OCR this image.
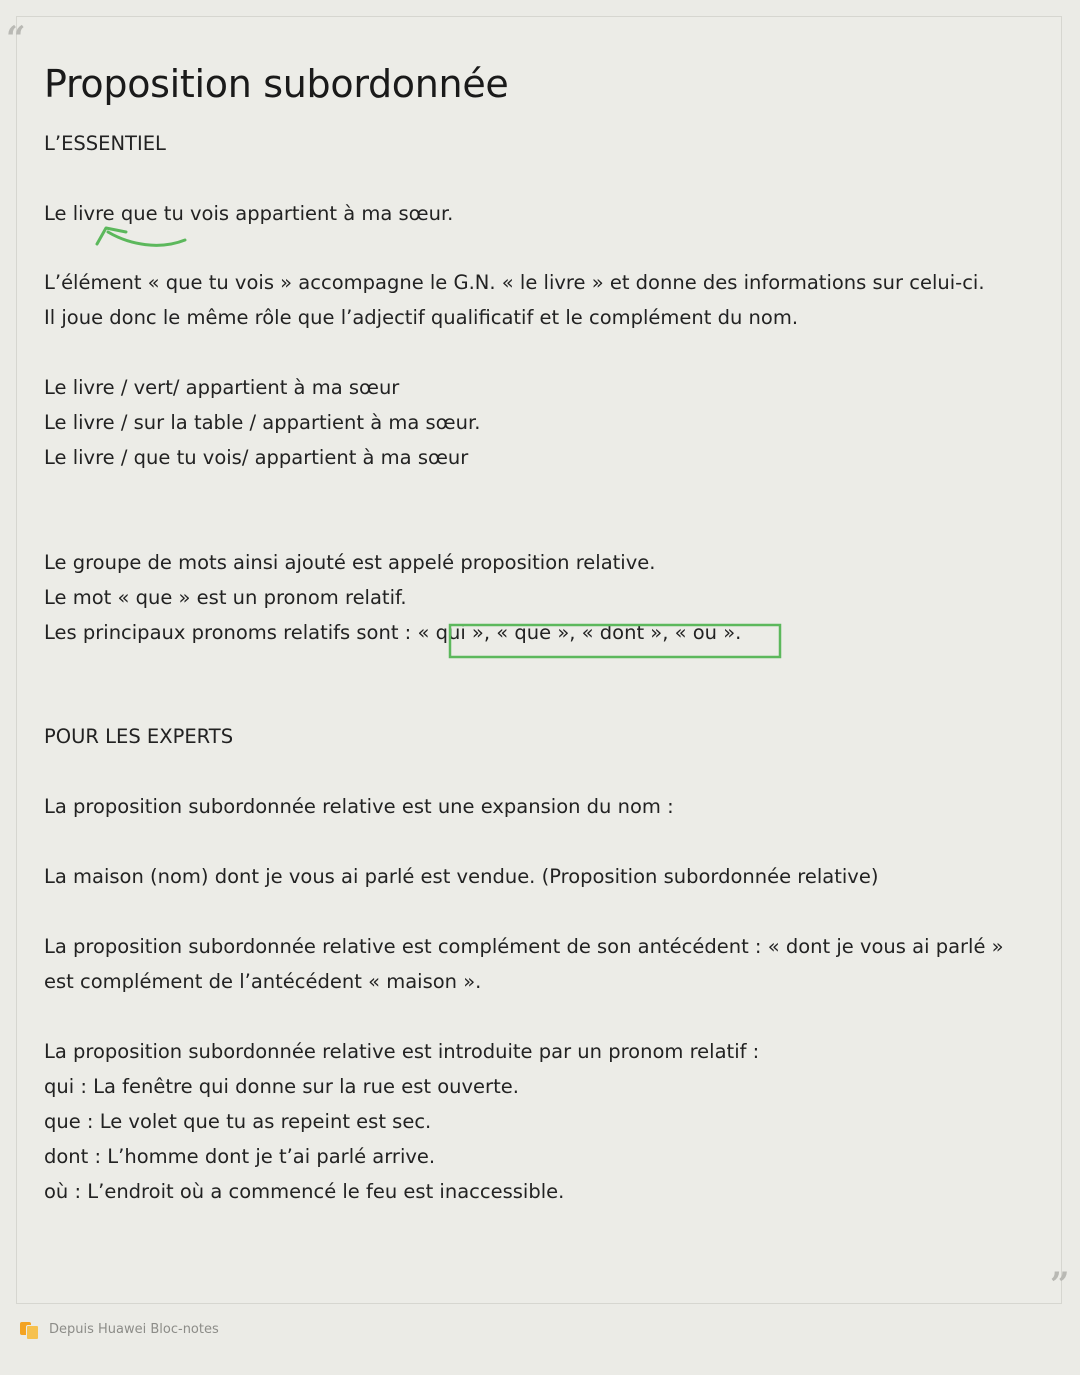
“
”
Proposition subordonnée
L’ESSENTIEL
Le livre que tu vois appartient à ma sœur.
L’élément « que tu vois » accompagne le G.N. « le livre » et donne des informations sur celui-ci.
Il joue donc le même rôle que l’adjectif qualificatif et le complément du nom.
Le livre / vert/ appartient à ma sœur
Le livre / sur la table / appartient à ma sœur.
Le livre / que tu vois/ appartient à ma sœur
Le groupe de mots ainsi ajouté est appelé proposition relative.
Le mot « que » est un pronom relatif.
Les principaux pronoms relatifs sont : « qui », « que », « dont », « ou ».
POUR LES EXPERTS
La proposition subordonnée relative est une expansion du nom :
La maison (nom) dont je vous ai parlé est vendue. (Proposition subordonnée relative)
La proposition subordonnée relative est complément de son antécédent : « dont je vous ai parlé » est complément de l’antécédent « maison ».
La proposition subordonnée relative est introduite par un pronom relatif :
qui : La fenêtre qui donne sur la rue est ouverte.
que : Le volet que tu as repeint est sec.
dont : L’homme dont je t’ai parlé arrive.
où : L’endroit où a commencé le feu est inaccessible.
Depuis Huawei Bloc-notes
